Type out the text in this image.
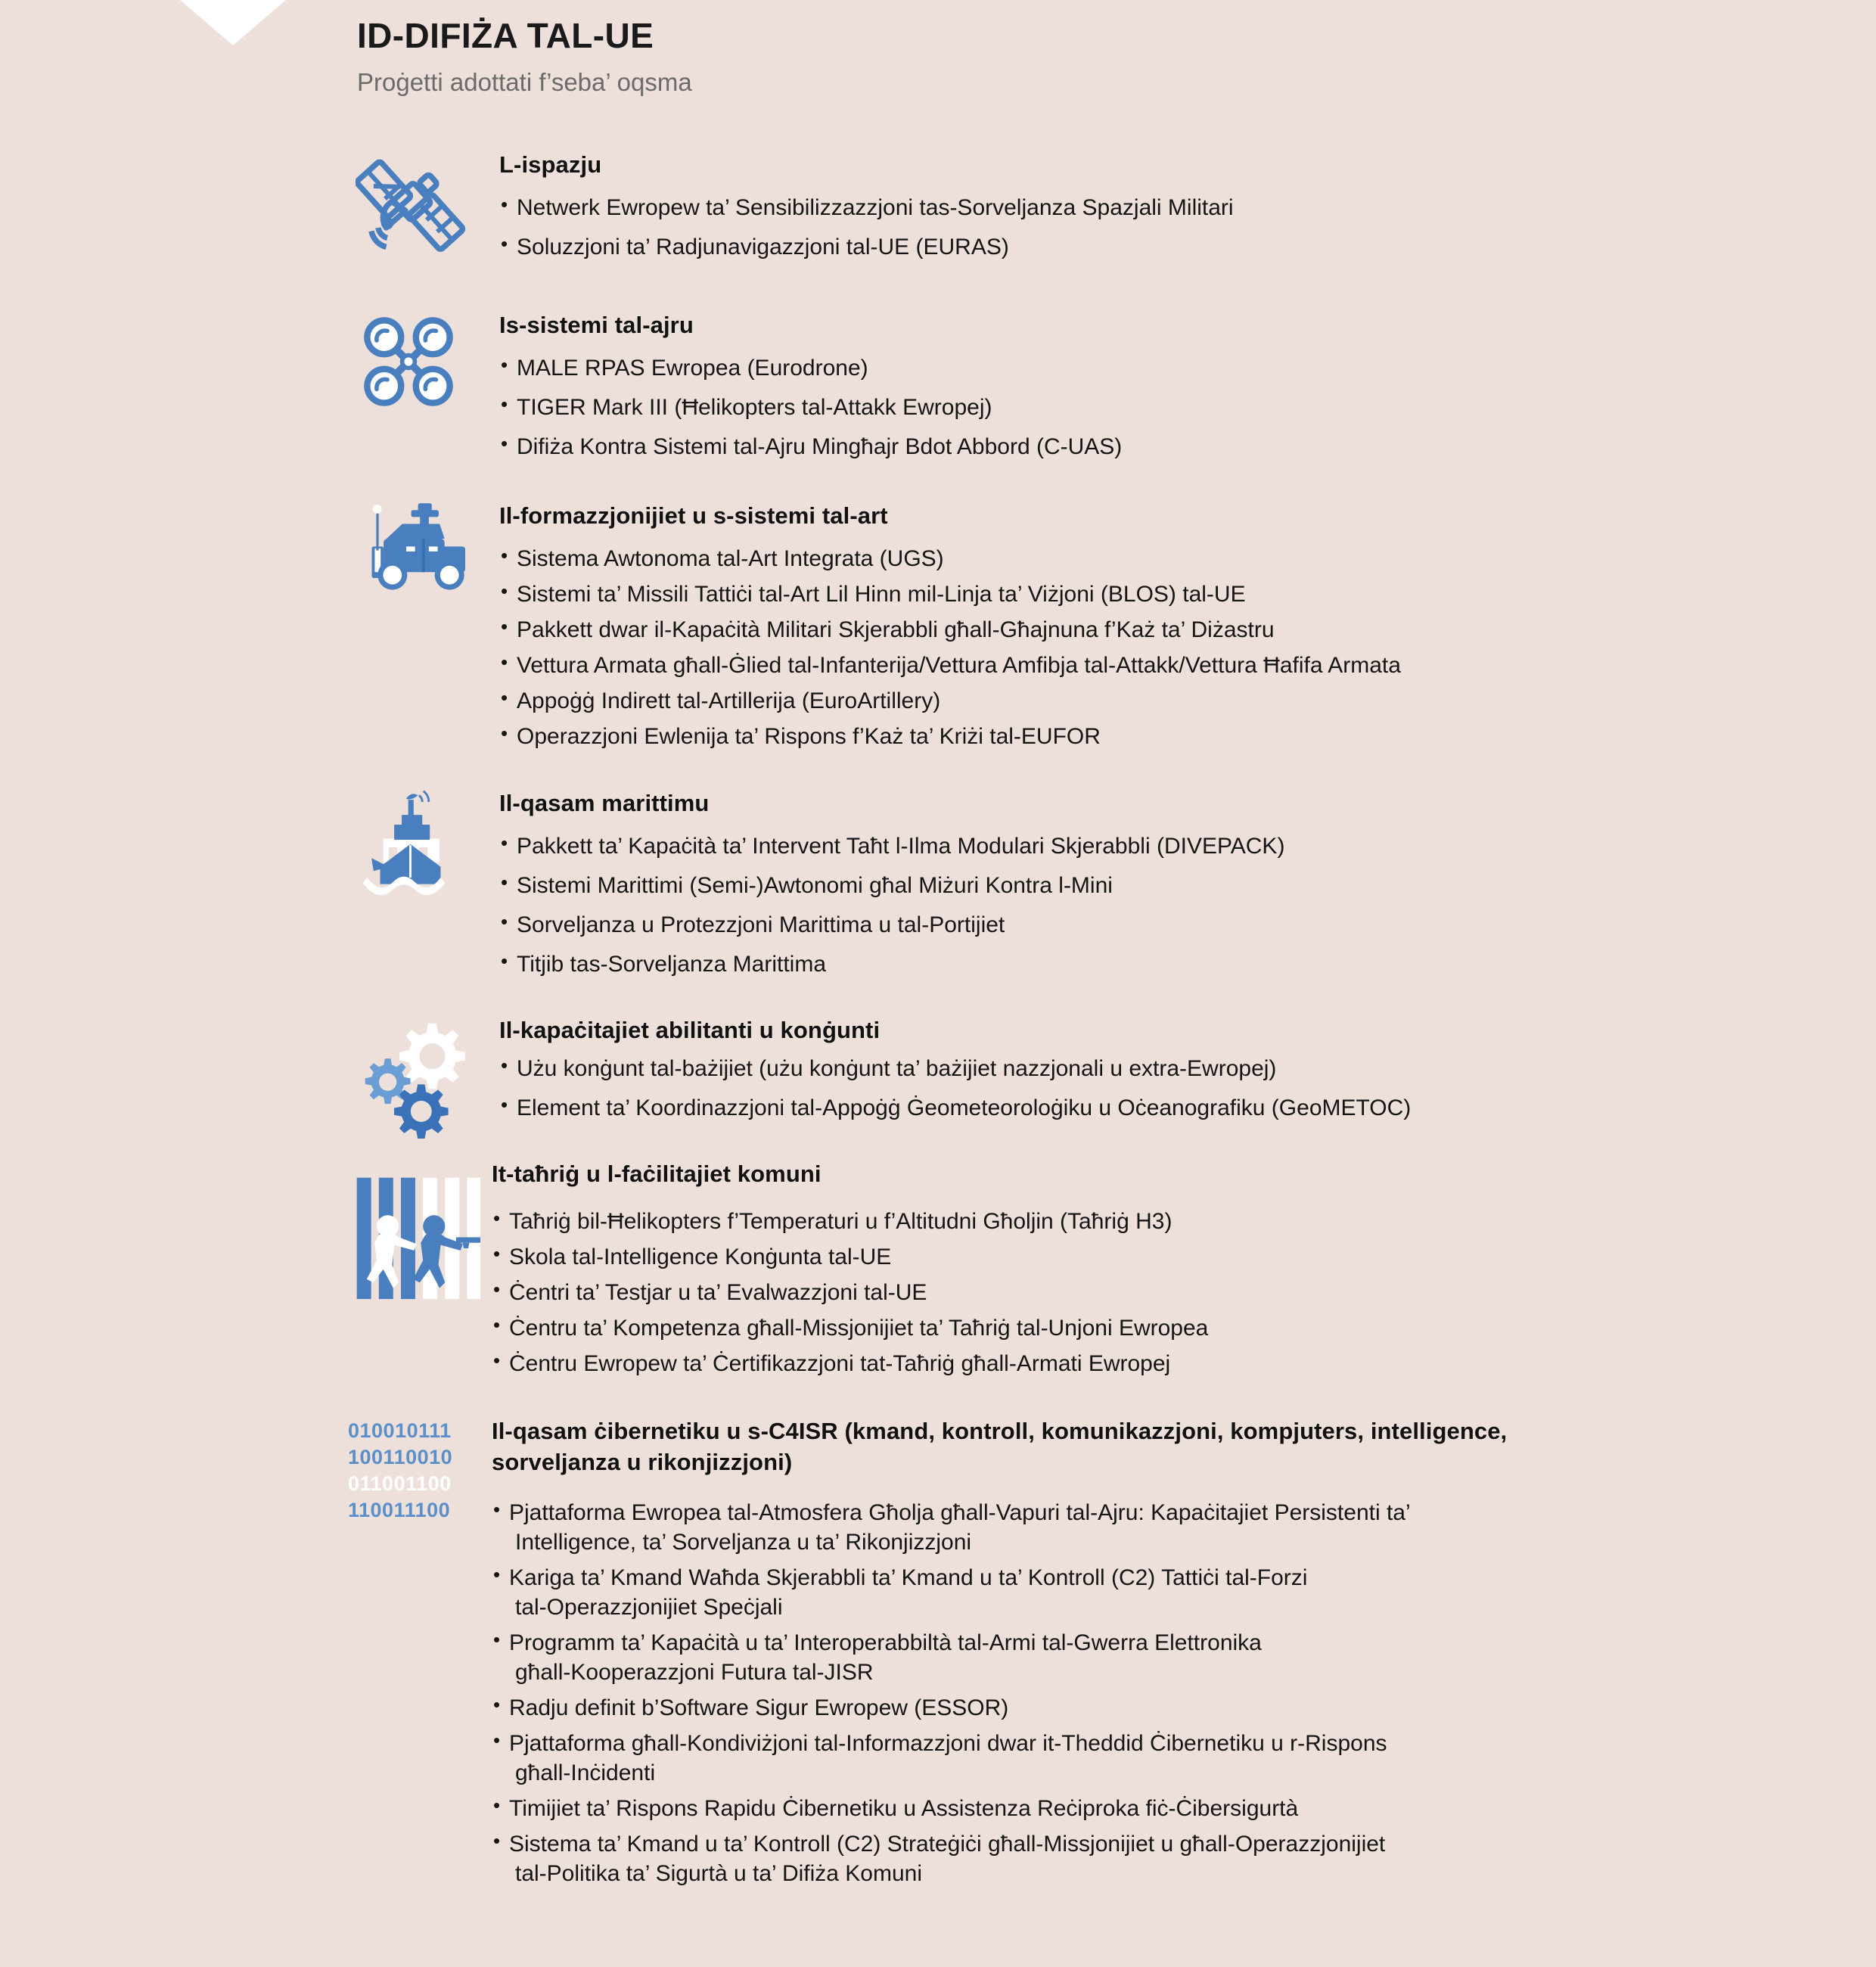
ID-DIFIŻA TAL-UE
Proġetti adottati f’seba’ oqsma
L-ispazju
• Netwerk Ewropew ta’ Sensibilizzazzjoni tas-Sorveljanza Spazjali Militari
• Soluzzjoni ta’ Radjunavigazzjoni tal-UE (EURAS)
Is-sistemi tal-ajru
• MALE RPAS Ewropea (Eurodrone)
• TIGER Mark III (Ħelikopters tal-Attakk Ewropej)
• Difiża Kontra Sistemi tal-Ajru Mingħajr Bdot Abbord (C-UAS)
Il-formazzjonijiet u s-sistemi tal-art
• Sistema Awtonoma tal-Art Integrata (UGS)
• Sistemi ta’ Missili Tattiċi tal-Art Lil Hinn mil-Linja ta’ Viżjoni (BLOS) tal-UE
• Pakkett dwar il-Kapaċità Militari Skjerabbli għall-Għajnuna f’Każ ta’ Diżastru
• Vettura Armata għall-Ġlied tal-Infanterija/Vettura Amfibja tal-Attakk/Vettura Ħafifa Armata
• Appoġġ Indirett tal-Artillerija (EuroArtillery)
• Operazzjoni Ewlenija ta’ Rispons f’Każ ta’ Kriżi tal-EUFOR
Il-qasam marittimu
• Pakkett ta’ Kapaċità ta’ Intervent Taħt l-Ilma Modulari Skjerabbli (DIVEPACK)
• Sistemi Marittimi (Semi-)Awtonomi għal Miżuri Kontra l-Mini
• Sorveljanza u Protezzjoni Marittima u tal-Portijiet
• Titjib tas-Sorveljanza Marittima
Il-kapaċitajiet abilitanti u konġunti
• Użu konġunt tal-bażijiet (użu konġunt ta’ bażijiet nazzjonali u extra-Ewropej)
• Element ta’ Koordinazzjoni tal-Appoġġ Ġeometeoroloġiku u Oċeanografiku (GeoMETOC)
It-taħriġ u l-faċilitajiet komuni
• Taħriġ bil-Ħelikopters f’Temperaturi u f’Altitudni Għoljin (Taħriġ H3)
• Skola tal-Intelligence Konġunta tal-UE
• Ċentri ta’ Testjar u ta’ Evalwazzjoni tal-UE
• Ċentru ta’ Kompetenza għall-Missjonijiet ta’ Taħriġ tal-Unjoni Ewropea
• Ċentru Ewropew ta’ Ċertifikazzjoni tat-Taħriġ għall-Armati Ewropej
010010111
100110010
011001100
110011100
Il-qasam ċibernetiku u s-C4ISR (kmand, kontroll, komunikazzjoni, kompjuters, intelligence, sorveljanza u rikonjizzjoni)
• Pjattaforma Ewropea tal-Atmosfera Għolja għall-Vapuri tal-Ajru: Kapaċitajiet Persistenti ta’
Intelligence, ta’ Sorveljanza u ta’ Rikonjizzjoni
• Kariga ta’ Kmand Waħda Skjerabbli ta’ Kmand u ta’ Kontroll (C2) Tattiċi tal-Forzi
tal-Operazzjonijiet Speċjali
• Programm ta’ Kapaċità u ta’ Interoperabbiltà tal-Armi tal-Gwerra Elettronika
għall-Kooperazzjoni Futura tal-JISR
• Radju definit b’Software Sigur Ewropew (ESSOR)
• Pjattaforma għall-Kondiviżjoni tal-Informazzjoni dwar it-Theddid Ċibernetiku u r-Rispons
għall-Inċidenti
• Timijiet ta’ Rispons Rapidu Ċibernetiku u Assistenza Reċiproka fiċ-Ċibersigurtà
• Sistema ta’ Kmand u ta’ Kontroll (C2) Strateġiċi għall-Missjonijiet u għall-Operazzjonijiet
tal-Politika ta’ Sigurtà u ta’ Difiża Komuni
